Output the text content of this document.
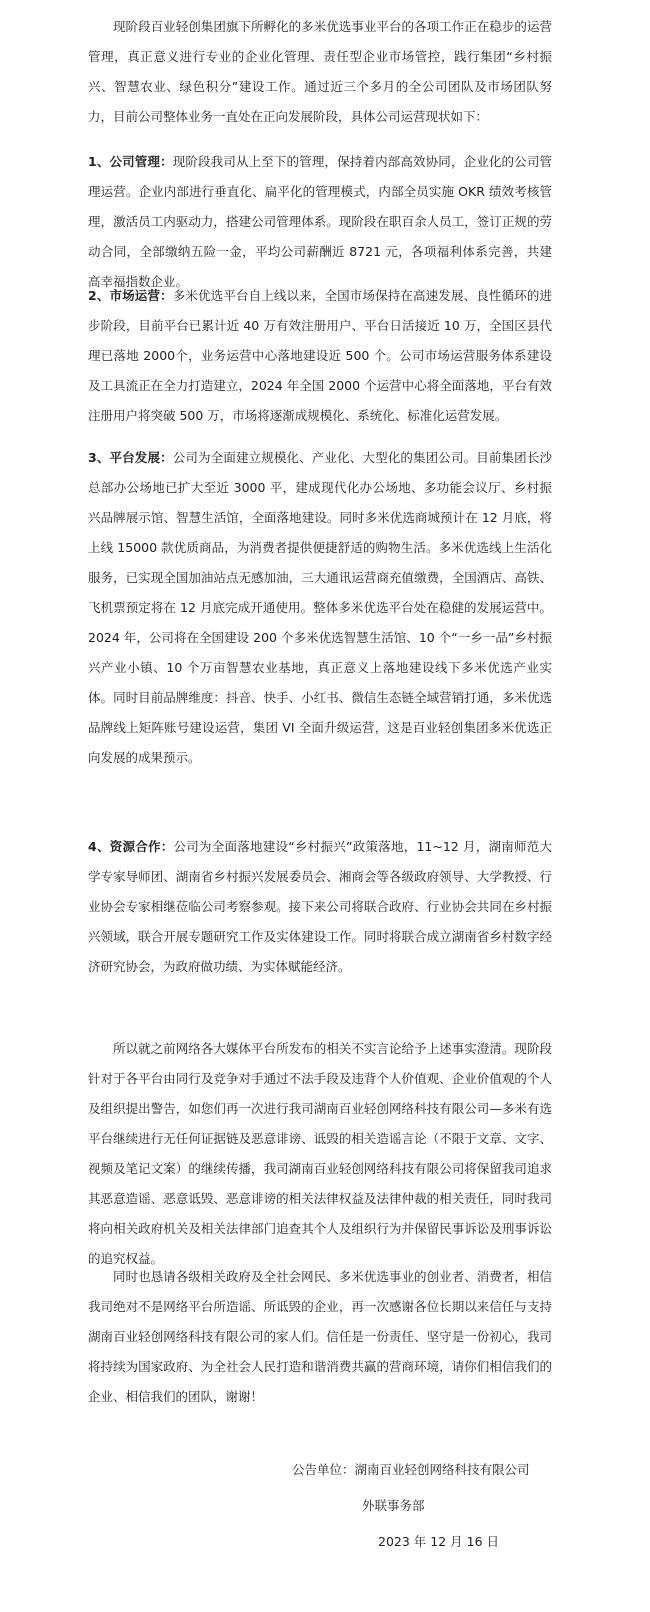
现阶段百业轻创集团旗下所孵化的多米优选事业平台的各项工作正在稳步的运营管理，真正意义进行专业的企业化管理、责任型企业市场管控，践行集团“乡村振兴、智慧农业、绿色积分”建设工作。通过近三个多月的全公司团队及市场团队努力，目前公司整体业务一直处在正向发展阶段，具体公司运营现状如下：

1、公司管理：现阶段我司从上至下的管理，保持着内部高效协同，企业化的公司管理运营。企业内部进行垂直化、扁平化的管理模式，内部全员实施 OKR 绩效考核管理，激活员工内驱动力，搭建公司管理体系。现阶段在职百余人员工，签订正规的劳动合同，全部缴纳五险一金，平均公司薪酬近 8721 元，各项福利体系完善，共建高幸福指数企业。

2、市场运营：多米优选平台自上线以来，全国市场保持在高速发展、良性循环的进步阶段，目前平台已累计近 40 万有效注册用户、平台日活接近 10 万，全国区县代理已落地 2000个，业务运营中心落地建设近 500 个。公司市场运营服务体系建设及工具流正在全力打造建立，2024 年全国 2000 个运营中心将全面落地，平台有效注册用户将突破 500 万，市场将逐渐成规模化、系统化、标准化运营发展。

3、平台发展：公司为全面建立规模化、产业化、大型化的集团公司。目前集团长沙总部办公场地已扩大至近 3000 平，建成现代化办公场地、多功能会议厅、乡村振兴品牌展示馆、智慧生活馆，全面落地建设。同时多米优选商城预计在 12 月底，将上线 15000 款优质商品，为消费者提供便捷舒适的购物生活。多米优选线上生活化服务，已实现全国加油站点无感加油，三大通讯运营商充值缴费，全国酒店、高铁、飞机票预定将在 12 月底完成开通使用。整体多米优选平台处在稳健的发展运营中。2024 年，公司将在全国建设 200 个多米优选智慧生活馆、10 个“一乡一品”乡村振兴产业小镇、10 个万亩智慧农业基地，真正意义上落地建设线下多米优选产业实体。同时目前品牌维度：抖音、快手、小红书、微信生态链全域营销打通，多米优选品牌线上矩阵账号建设运营，集团 VI 全面升级运营，这是百业轻创集团多米优选正向发展的成果预示。

4、资源合作：公司为全面落地建设“乡村振兴”政策落地，11~12 月，湖南师范大学专家导师团、湖南省乡村振兴发展委员会、湘商会等各级政府领导、大学教授、行业协会专家相继莅临公司考察参观。接下来公司将联合政府、行业协会共同在乡村振兴领域，联合开展专题研究工作及实体建设工作。同时将联合成立湖南省乡村数字经济研究协会，为政府做功绩、为实体赋能经济。

所以就之前网络各大媒体平台所发布的相关不实言论给予上述事实澄清。现阶段针对于各平台由同行及竞争对手通过不法手段及违背个人价值观、企业价值观的个人及组织提出警告，如您们再一次进行我司湖南百业轻创网络科技有限公司—多米有选平台继续进行无任何证据链及恶意诽谤、诋毁的相关造谣言论（不限于文章、文字、视频及笔记文案）的继续传播，我司湖南百业轻创网络科技有限公司将保留我司追求其恶意造谣、恶意诋毁、恶意诽谤的相关法律权益及法律仲裁的相关责任，同时我司将向相关政府机关及相关法律部门追查其个人及组织行为并保留民事诉讼及刑事诉讼的追究权益。

同时也恳请各级相关政府及全社会网民、多米优选事业的创业者、消费者，相信我司绝对不是网络平台所造谣、所诋毁的企业，再一次感谢各位长期以来信任与支持湖南百业轻创网络科技有限公司的家人们。信任是一份责任、坚守是一份初心，我司将持续为国家政府、为全社会人民打造和谐消费共赢的营商环境，请你们相信我们的企业、相信我们的团队，谢谢！

公告单位：湖南百业轻创网络科技有限公司
外联事务部
2023 年 12 月 16 日
